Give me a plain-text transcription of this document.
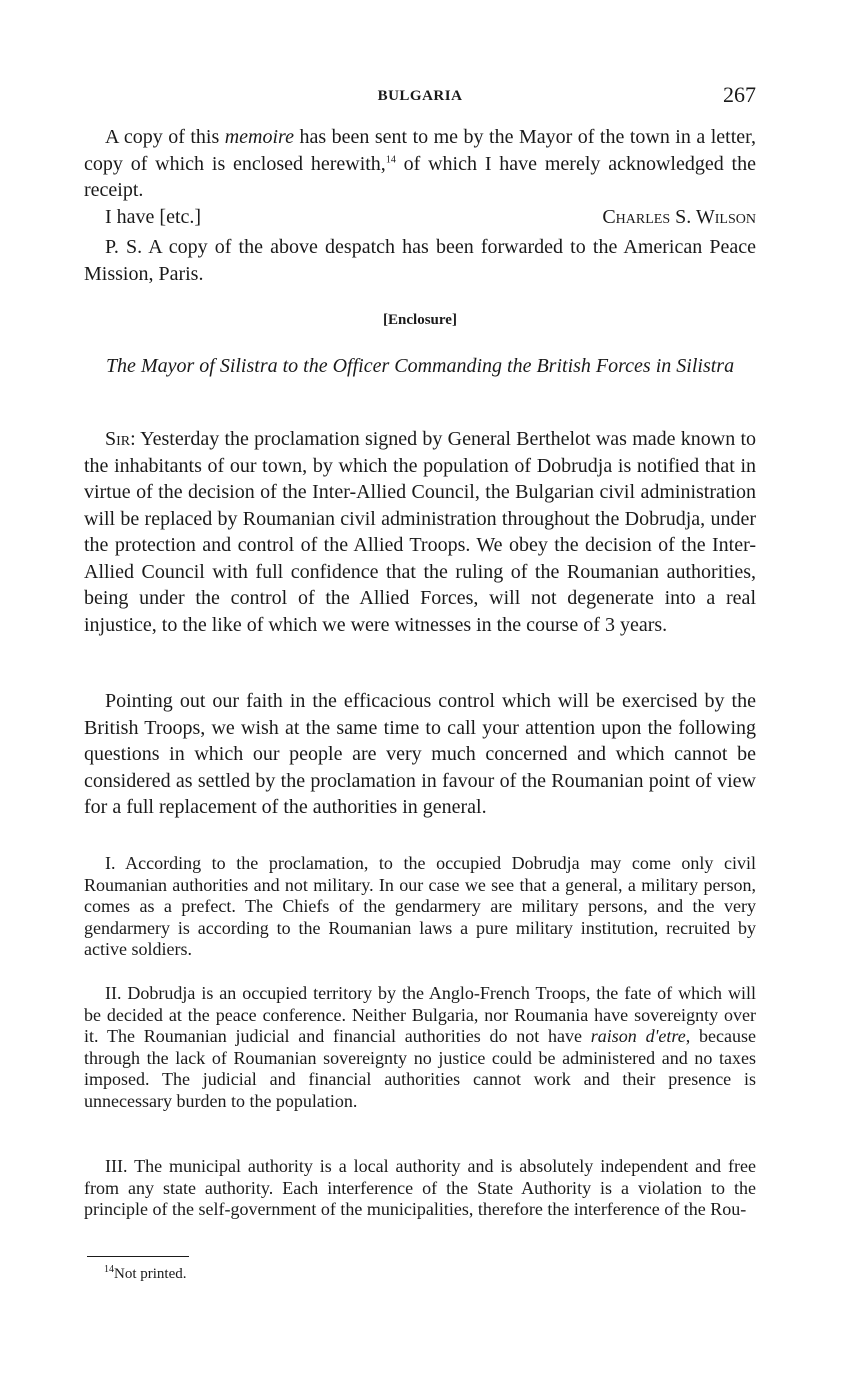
BULGARIA	267

A copy of this memoire has been sent to me by the Mayor of the town in a letter, copy of which is enclosed herewith,$^{14}$ of which I have merely acknowledged the receipt.

I have [etc.]	Charles S. Wilson

P. S. A copy of the above despatch has been forwarded to the American Peace Mission, Paris.

[Enclosure]
The Mayor of Silistra to the Officer Commanding the British Forces in Silistra

Sir: Yesterday the proclamation signed by General Berthelot was made known to the inhabitants of our town, by which the population of Dobrudja is notified that in virtue of the decision of the Inter-Allied Council, the Bulgarian civil administration will be replaced by Roumanian civil administration throughout the Dobrudja, under the protection and control of the Allied Troops. We obey the decision of the Inter-Allied Council with full confidence that the ruling of the Roumanian authorities, being under the control of the Allied Forces, will not degenerate into a real injustice, to the like of which we were witnesses in the course of 3 years.

Pointing out our faith in the efficacious control which will be exercised by the British Troops, we wish at the same time to call your attention upon the following questions in which our people are very much concerned and which cannot be considered as settled by the proclamation in favour of the Roumanian point of view for a full replacement of the authorities in general.

I. According to the proclamation, to the occupied Dobrudja may come only civil Roumanian authorities and not military. In our case we see that a general, a military person, comes as a prefect. The Chiefs of the gendarmery are military persons, and the very gendarmery is according to the Roumanian laws a pure military institution, recruited by active soldiers.

II. Dobrudja is an occupied territory by the Anglo-French Troops, the fate of which will be decided at the peace conference. Neither Bulgaria, nor Roumania have sovereignty over it. The Roumanian judicial and financial authorities do not have raison d'etre, because through the lack of Roumanian sovereignty no justice could be administered and no taxes imposed. The judicial and financial authorities cannot work and their presence is unnecessary burden to the population.

III. The municipal authority is a local authority and is absolutely independent and free from any state authority. Each interference of the State Authority is a violation to the principle of the self-government of the municipalities, therefore the interference of the Rou-

$^{14}$Not printed.
